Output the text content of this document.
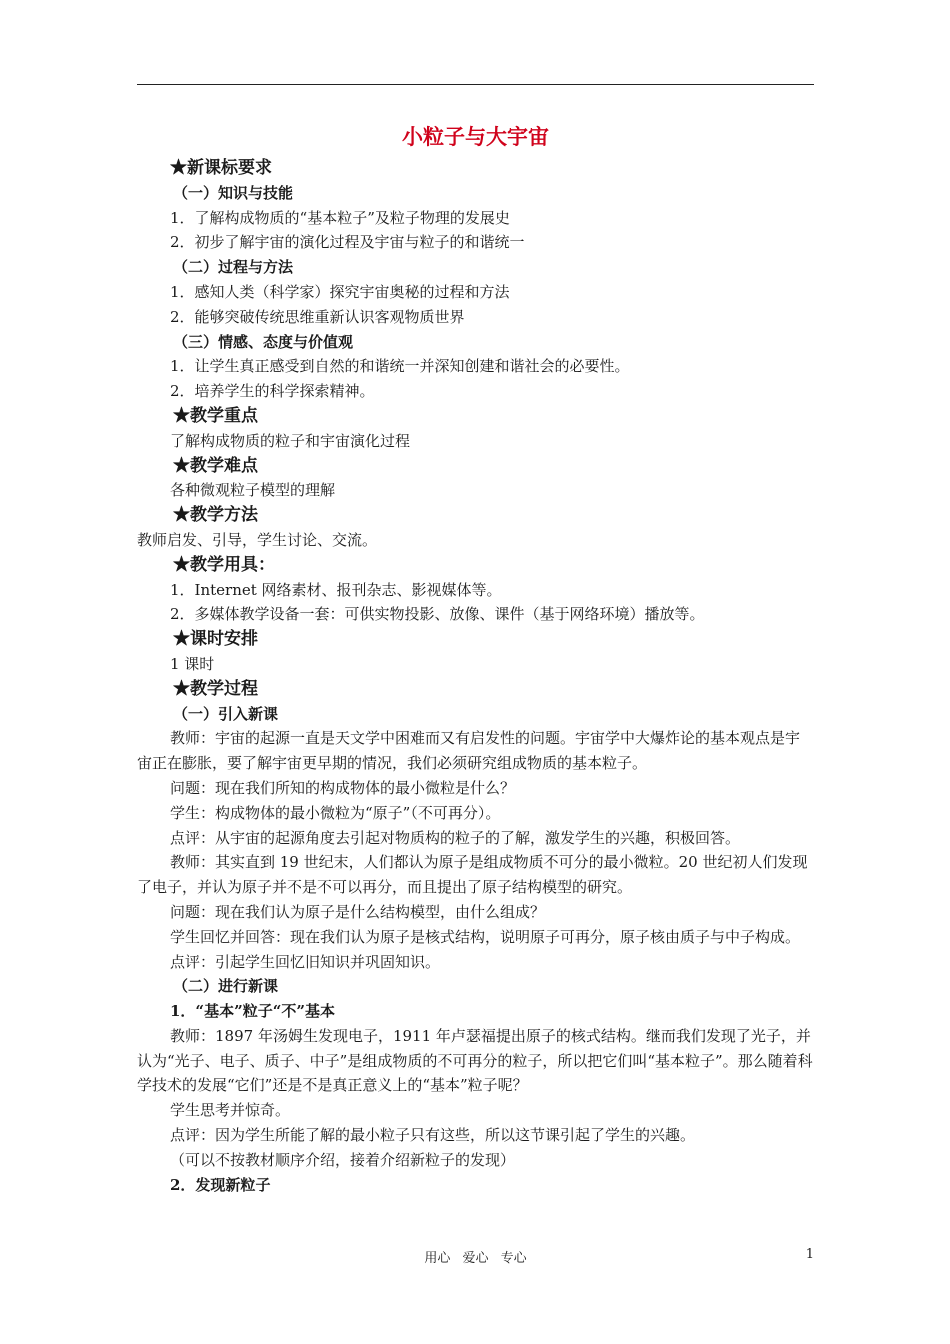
小粒子与大宇宙
★新课标要求
（一）知识与技能
1．了解构成物质的“基本粒子”及粒子物理的发展史
2．初步了解宇宙的演化过程及宇宙与粒子的和谐统一
（二）过程与方法
1．感知人类（科学家）探究宇宙奥秘的过程和方法
2．能够突破传统思维重新认识客观物质世界
（三）情感、态度与价值观
1．让学生真正感受到自然的和谐统一并深知创建和谐社会的必要性。
2．培养学生的科学探索精神。
★教学重点
了解构成物质的粒子和宇宙演化过程
★教学难点
各种微观粒子模型的理解
★教学方法
教师启发、引导，学生讨论、交流。
★教学用具：
1．Internet 网络素材、报刊杂志、影视媒体等。
2．多媒体教学设备一套：可供实物投影、放像、课件（基于网络环境）播放等。
★课时安排
1 课时
★教学过程
（一）引入新课
教师：宇宙的起源一直是天文学中困难而又有启发性的问题。宇宙学中大爆炸论的基本观点是宇宙正在膨胀，要了解宇宙更早期的情况，我们必须研究组成物质的基本粒子。
问题：现在我们所知的构成物体的最小微粒是什么？
学生：构成物体的最小微粒为“原子”（不可再分）。
点评：从宇宙的起源角度去引起对物质构的粒子的了解，激发学生的兴趣，积极回答。
教师：其实直到 19 世纪末，人们都认为原子是组成物质不可分的最小微粒。20 世纪初人们发现了电子，并认为原子并不是不可以再分，而且提出了原子结构模型的研究。
问题：现在我们认为原子是什么结构模型，由什么组成？
学生回忆并回答：现在我们认为原子是核式结构，说明原子可再分，原子核由质子与中子构成。
点评：引起学生回忆旧知识并巩固知识。
（二）进行新课
1．“基本”粒子“不”基本
教师：1897 年汤姆生发现电子，1911 年卢瑟福提出原子的核式结构。继而我们发现了光子，并认为“光子、电子、质子、中子”是组成物质的不可再分的粒子，所以把它们叫“基本粒子”。那么随着科学技术的发展“它们”还是不是真正意义上的“基本”粒子呢？
学生思考并惊奇。
点评：因为学生所能了解的最小粒子只有这些，所以这节课引起了学生的兴趣。
（可以不按教材顺序介绍，接着介绍新粒子的发现）
2．发现新粒子
用心 爱心 专心	1
